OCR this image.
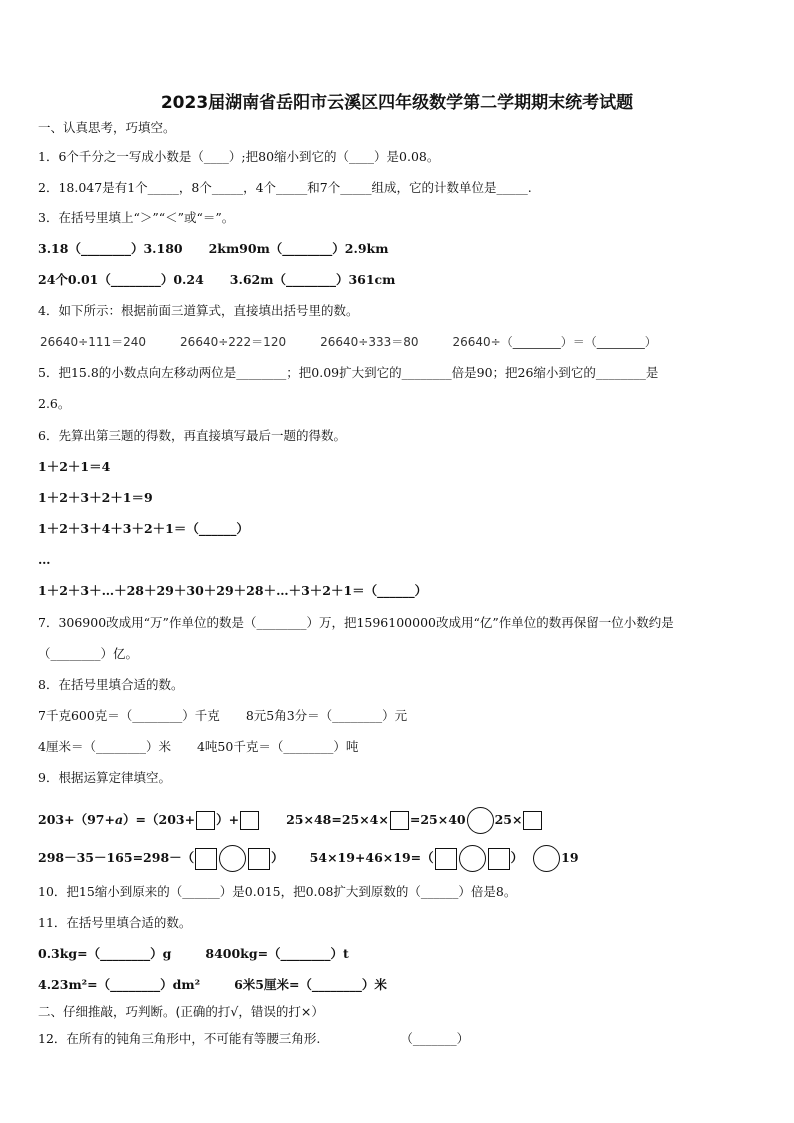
2023届湖南省岳阳市云溪区四年级数学第二学期期末统考试题
一、认真思考，巧填空。
1．6个千分之一写成小数是（____）;把80缩小到它的（____）是0.08。
2．18.047是有1个_____，8个_____，4个_____和7个_____组成，它的计数单位是_____.
3．在括号里填上“＞”“＜”或“＝”。
3.18（________）3.180 2km90m（________）2.9km
24个0.01（________）0.24 3.62m（________）361cm
4．如下所示：根据前面三道算式，直接填出括号里的数。
26640÷111＝240	26640÷222＝120	26640÷333＝80	26640÷（________）＝（________）
5．把15.8的小数点向左移动两位是________；把0.09扩大到它的________倍是90；把26缩小到它的________是
2.6。
6．先算出第三题的得数，再直接填写最后一题的得数。
1＋2＋1＝4
1＋2＋3＋2＋1＝9
1＋2＋3＋4＋3＋2＋1＝（______）
…
1＋2＋3＋…＋28＋29＋30＋29＋28＋…＋3＋2＋1＝（______）
7．306900改成用“万”作单位的数是（________）万，把1596100000改成用“亿”作单位的数再保留一位小数约是
（________）亿。
8．在括号里填合适的数。
7千克600克＝（________）千克 8元5角3分＝（________）元
4厘米＝（________）米 4吨50千克＝（________）吨
9．根据运算定律填空。
203+（97+a）=（203+ ）+	25×48=25×4× =25×40 25×
298－35－165=298－（	） 54×19+46×19=（	）	19
10．把15缩小到原来的（______）是0.015，把0.08扩大到原数的（______）倍是8。
11．在括号里填合适的数。
0.3kg=（________）g	8400kg=（________）t
4.23m²=（________）dm²	6米5厘米=（________）米
二、仔细推敲，巧判断。(正确的打√，错误的打×）
12．在所有的钝角三角形中，不可能有等腰三角形.	（_______）
